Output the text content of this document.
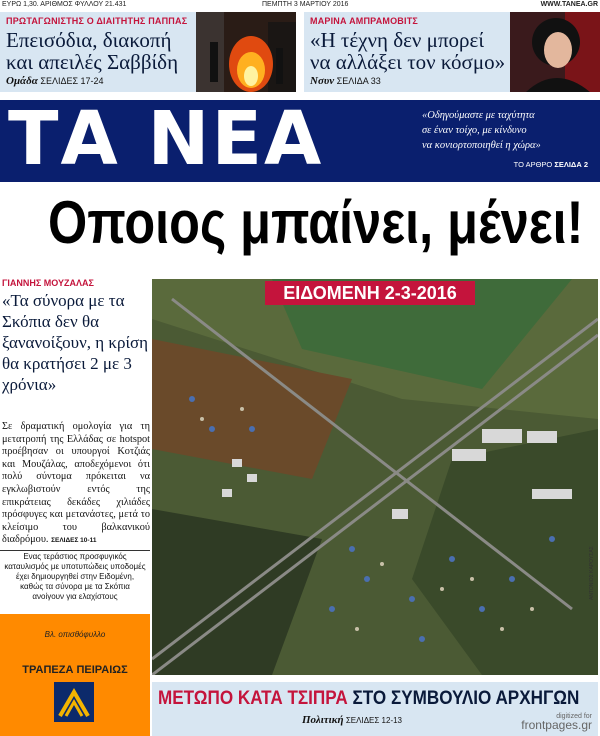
ΕΥΡΩ 1,30. ΑΡΙΘΜΟΣ ΦΥΛΛΟΥ 21.431	ΠΕΜΠΤΗ 3 ΜΑΡΤΙΟΥ 2016	WWW.TANEA.GR
ΠΡΩΤΑΓΩΝΙΣΤΗΣ Ο ΔΙΑΙΤΗΤΗΣ ΠΑΠΠΑΣ
Επεισόδια, διακοπή
και απειλές Σαββίδη
Ομάδα ΣΕΛΙΔΕΣ 17-24
ΜΑΡΙΝΑ ΑΜΠΡΑΜΟΒΙΤΣ
«Η τέχνη δεν μπορεί
να αλλάξει τον κόσμο»
Nσυν ΣΕΛΙΔΑ 33
ΤΑ ΝΕΑ	«Οδηγούμαστε με ταχύτητα
σε έναν τοίχο, με κίνδυνο
να κονιορτοποιηθεί η χώρα»
ΤΟ ΑΡΘΡΟ ΣΕΛΙΔΑ 2
Οποιος μπαίνει, μένει!
ΓΙΑΝΝΗΣ ΜΟΥΖΑΛΑΣ
«Τα σύνορα με τα Σκόπια δεν θα ξανανοίξουν, η κρίση θα κρατήσει 2 με 3 χρόνια»
Σε δραματική ομολογία για τη μετατροπή της Ελλάδας σε hotspot προέβησαν οι υπουργοί Κοτζιάς και Μουζάλας, αποδεχόμενοι ότι πολύ σύντομα πρόκειται να εγκλωβιστούν εντός της επικράτειας δεκάδες χιλιάδες πρόσφυγες και μετανάστες, μετά το κλείσιμο του βαλκανικού διαδρόμου. ΣΕΛΙΔΕΣ 10-11
Ενας τεράστιος προσφυγικός καταυλισμός με υποτυπώδεις υποδομές έχει δημιουργηθεί στην Ειδομένη, καθώς τα σύνορα με τα Σκόπια ανοίγουν για ελαχίστους
Βλ. οπισθόφυλλο
ΤΡΑΠΕΖΑ ΠΕΙΡΑΙΩΣ
ΕΙΔΟΜΕΝΗ 2-3-2016
ΑΝΤΟΝΙΟΣ ΚΑΡΟΥΣΑΣ
ΜΕΤΩΠΟ ΚΑΤΑ ΤΣΙΠΡΑ ΣΤΟ ΣΥΜΒΟΥΛΙΟ ΑΡΧΗΓΩΝ
Πολιτική ΣΕΛΙΔΕΣ 12-13	digitized for
frontpages.gr
